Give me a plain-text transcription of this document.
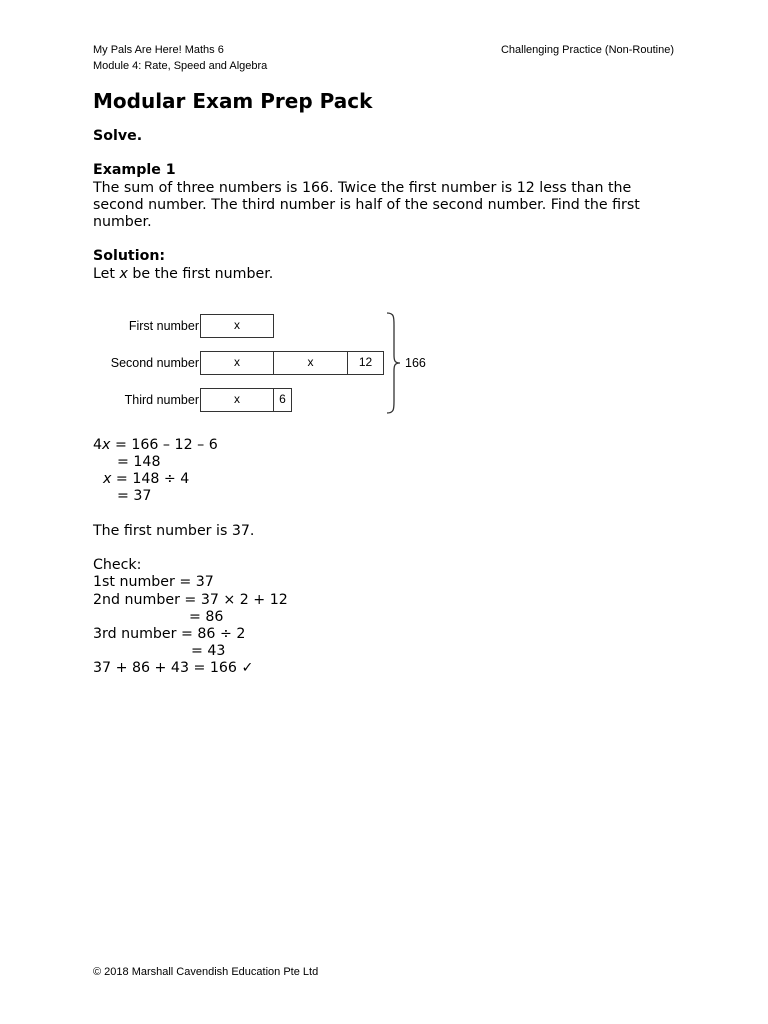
My Pals Are Here! Maths 6
Module 4: Rate, Speed and Algebra
Challenging Practice (Non-Routine)
Modular Exam Prep Pack

Solve.

Example 1

The sum of three numbers is 166. Twice the first number is 12 less than the second number. The third number is half of the second number. Find the first number.

Solution:

Let x be the first number.

First number	x
Second number	x	x	12
Third number	x	6
166

4x = 166 – 12 – 6

= 148

x = 148 ÷ 4

= 37

The first number is 37.

Check:

1st number = 37

2nd number = 37 × 2 + 12

= 86

3rd number = 86 ÷ 2

= 43

37 + 86 + 43 = 166 ✓

© 2018 Marshall Cavendish Education Pte Ltd
